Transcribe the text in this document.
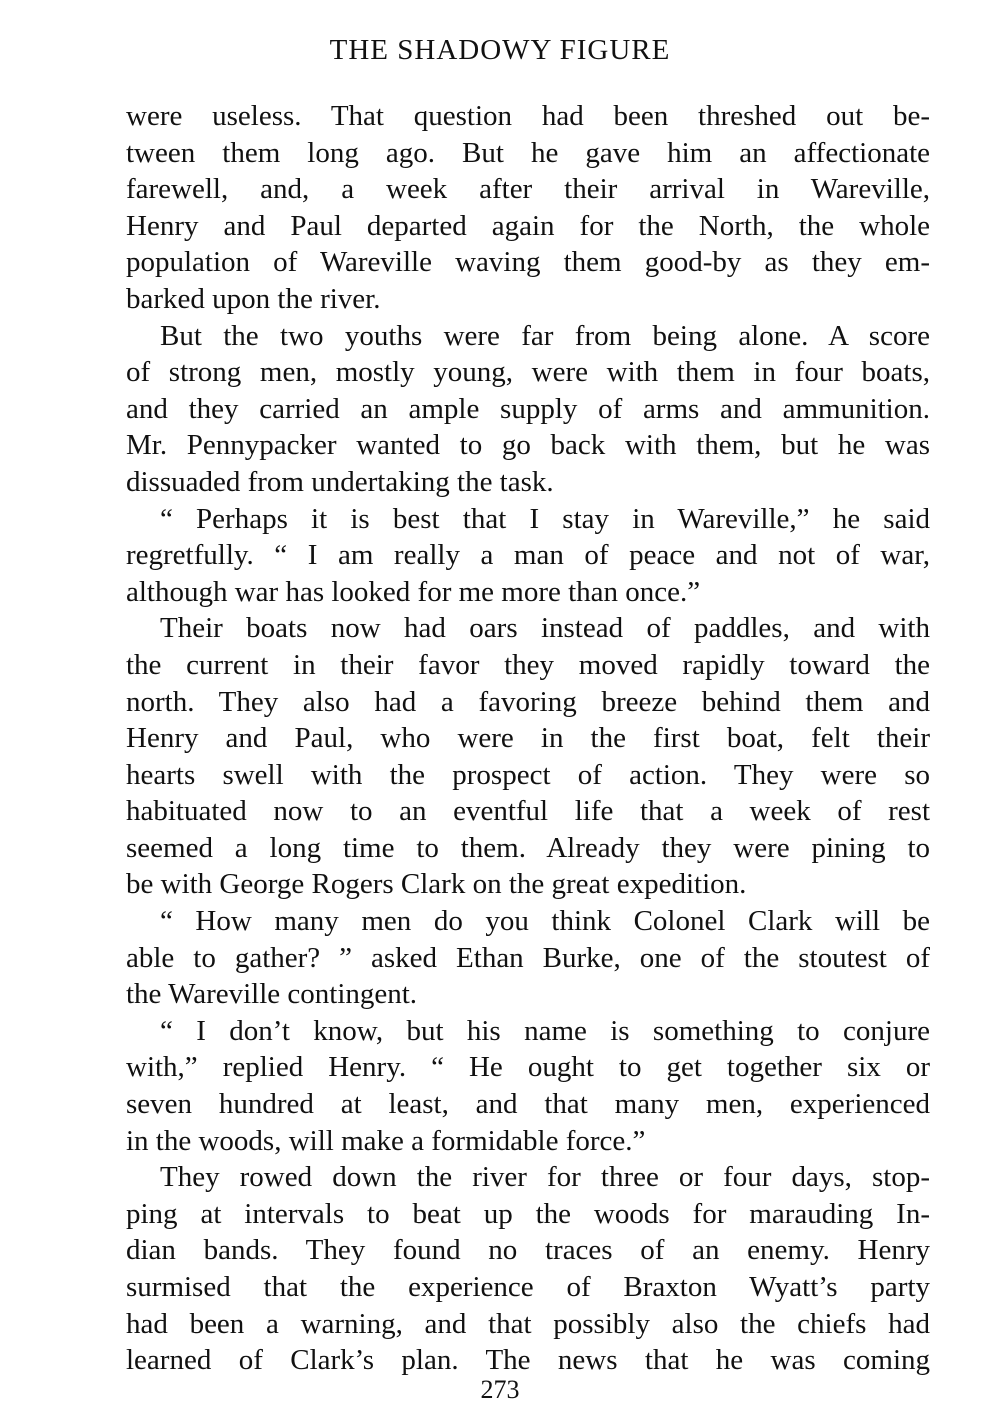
THE SHADOWY FIGURE
were useless. That question had been threshed out be-
tween them long ago. But he gave him an affectionate
farewell, and, a week after their arrival in Wareville,
Henry and Paul departed again for the North, the whole
population of Wareville waving them good-by as they em-
barked upon the river.
But the two youths were far from being alone. A score
of strong men, mostly young, were with them in four boats,
and they carried an ample supply of arms and ammunition.
Mr. Pennypacker wanted to go back with them, but he was
dissuaded from undertaking the task.
“ Perhaps it is best that I stay in Wareville,” he said
regretfully. “ I am really a man of peace and not of war,
although war has looked for me more than once.”
Their boats now had oars instead of paddles, and with
the current in their favor they moved rapidly toward the
north. They also had a favoring breeze behind them and
Henry and Paul, who were in the first boat, felt their
hearts swell with the prospect of action. They were so
habituated now to an eventful life that a week of rest
seemed a long time to them. Already they were pining to
be with George Rogers Clark on the great expedition.
“ How many men do you think Colonel Clark will be
able to gather? ” asked Ethan Burke, one of the stoutest of
the Wareville contingent.
“ I don’t know, but his name is something to conjure
with,” replied Henry. “ He ought to get together six or
seven hundred at least, and that many men, experienced
in the woods, will make a formidable force.”
They rowed down the river for three or four days, stop-
ping at intervals to beat up the woods for marauding In-
dian bands. They found no traces of an enemy. Henry
surmised that the experience of Braxton Wyatt’s party
had been a warning, and that possibly also the chiefs had
learned of Clark’s plan. The news that he was coming
273
